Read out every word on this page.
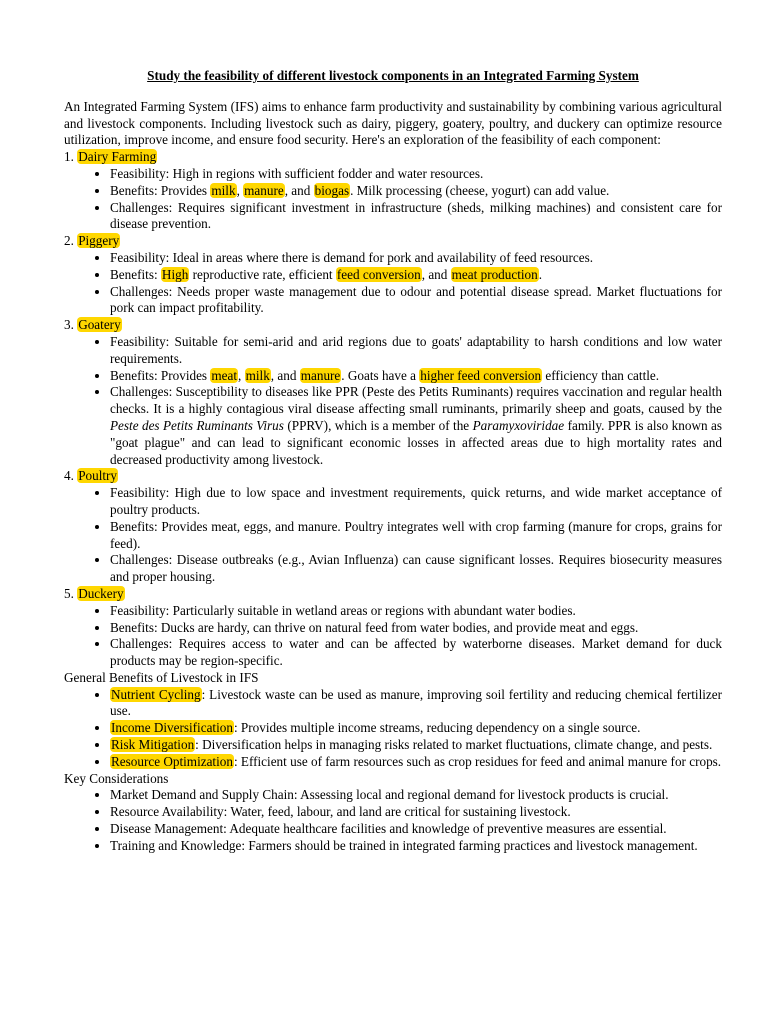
Study the feasibility of different livestock components in an Integrated Farming System

An Integrated Farming System (IFS) aims to enhance farm productivity and sustainability by combining various agricultural and livestock components. Including livestock such as dairy, piggery, goatery, poultry, and duckery can optimize resource utilization, improve income, and ensure food security. Here's an exploration of the feasibility of each component:

1. Dairy Farming

• Feasibility: High in regions with sufficient fodder and water resources.
• Benefits: Provides milk, manure, and biogas. Milk processing (cheese, yogurt) can add value.
• Challenges: Requires significant investment in infrastructure (sheds, milking machines) and consistent care for disease prevention.

2. Piggery

• Feasibility: Ideal in areas where there is demand for pork and availability of feed resources.
• Benefits: High reproductive rate, efficient feed conversion, and meat production.
• Challenges: Needs proper waste management due to odour and potential disease spread. Market fluctuations for pork can impact profitability.

3. Goatery

• Feasibility: Suitable for semi-arid and arid regions due to goats' adaptability to harsh conditions and low water requirements.
• Benefits: Provides meat, milk, and manure. Goats have a higher feed conversion efficiency than cattle.
• Challenges: Susceptibility to diseases like PPR (Peste des Petits Ruminants) requires vaccination and regular health checks. It is a highly contagious viral disease affecting small ruminants, primarily sheep and goats, caused by the Peste des Petits Ruminants Virus (PPRV), which is a member of the Paramyxoviridae family. PPR is also known as "goat plague" and can lead to significant economic losses in affected areas due to high mortality rates and decreased productivity among livestock.

4. Poultry

• Feasibility: High due to low space and investment requirements, quick returns, and wide market acceptance of poultry products.
• Benefits: Provides meat, eggs, and manure. Poultry integrates well with crop farming (manure for crops, grains for feed).
• Challenges: Disease outbreaks (e.g., Avian Influenza) can cause significant losses. Requires biosecurity measures and proper housing.

5. Duckery

• Feasibility: Particularly suitable in wetland areas or regions with abundant water bodies.
• Benefits: Ducks are hardy, can thrive on natural feed from water bodies, and provide meat and eggs.
• Challenges: Requires access to water and can be affected by waterborne diseases. Market demand for duck products may be region-specific.

General Benefits of Livestock in IFS

• Nutrient Cycling: Livestock waste can be used as manure, improving soil fertility and reducing chemical fertilizer use.
• Income Diversification: Provides multiple income streams, reducing dependency on a single source.
• Risk Mitigation: Diversification helps in managing risks related to market fluctuations, climate change, and pests.
• Resource Optimization: Efficient use of farm resources such as crop residues for feed and animal manure for crops.

Key Considerations

• Market Demand and Supply Chain: Assessing local and regional demand for livestock products is crucial.
• Resource Availability: Water, feed, labour, and land are critical for sustaining livestock.
• Disease Management: Adequate healthcare facilities and knowledge of preventive measures are essential.
• Training and Knowledge: Farmers should be trained in integrated farming practices and livestock management.
